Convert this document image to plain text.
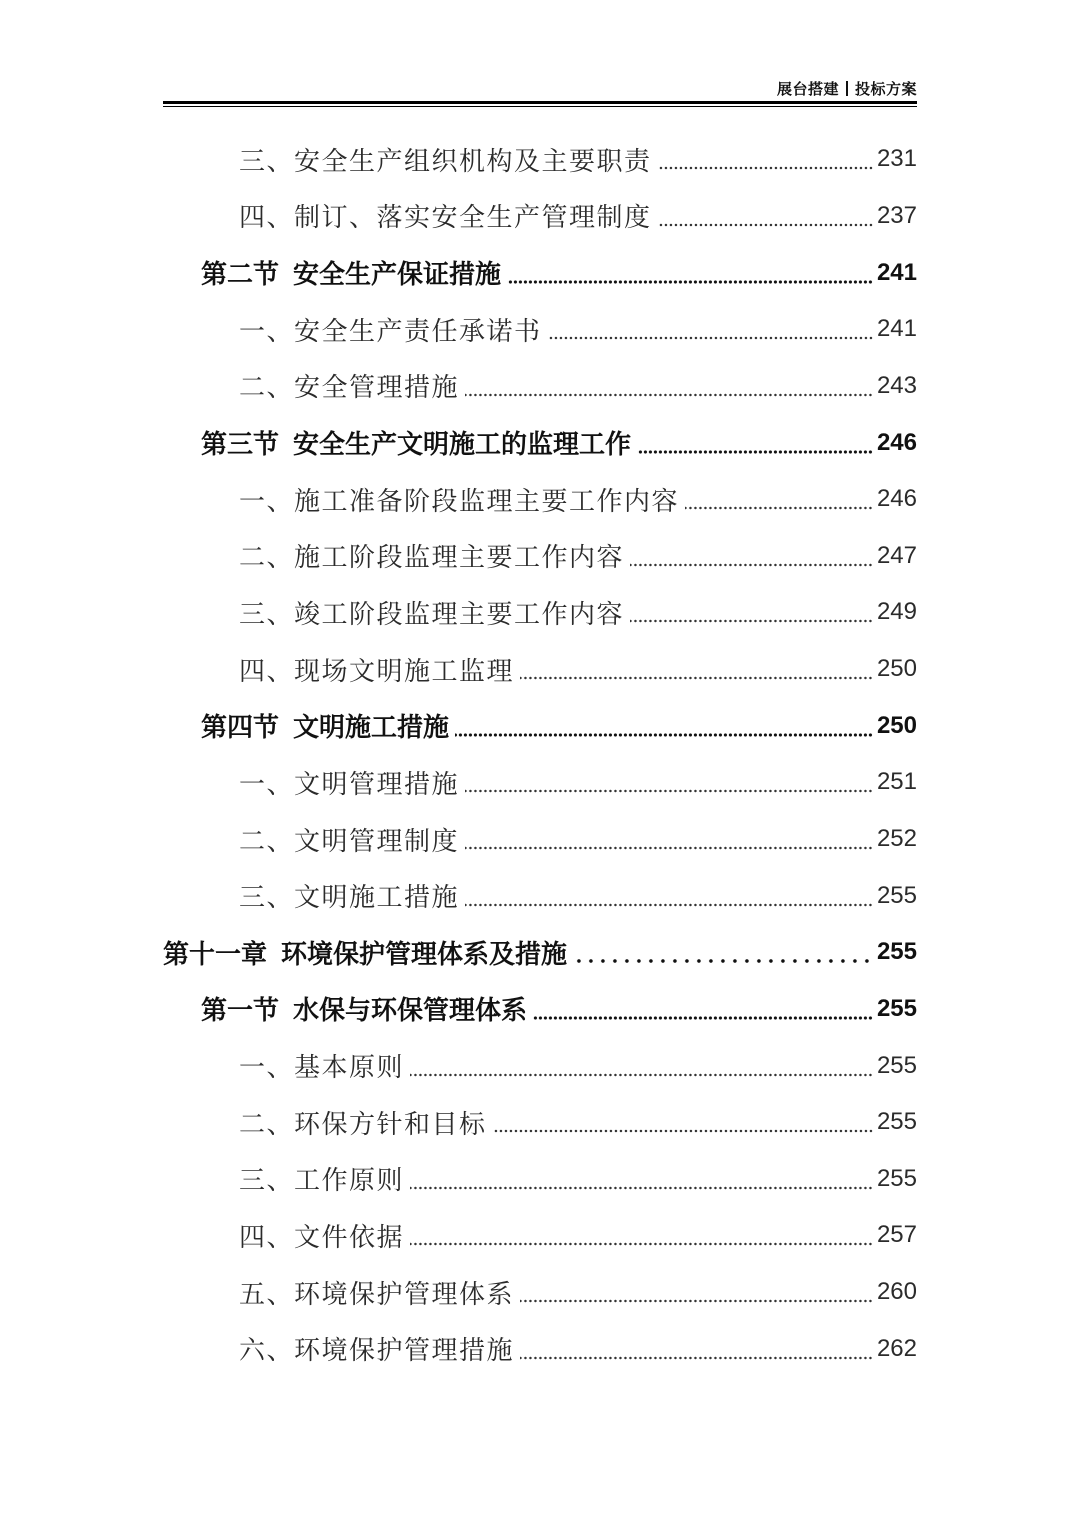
展台搭建 投标方案
三、安全生产组织机构及主要职责	231
四、制订、落实安全生产管理制度	237
第二节 安全生产保证措施	241
一、安全生产责任承诺书	241
二、安全管理措施	243
第三节 安全生产文明施工的监理工作	246
一、施工准备阶段监理主要工作内容	246
二、施工阶段监理主要工作内容	247
三、竣工阶段监理主要工作内容	249
四、现场文明施工监理	250
第四节 文明施工措施	250
一、文明管理措施	251
二、文明管理制度	252
三、文明施工措施	255
第十一章 环境保护管理体系及措施	255
第一节 水保与环保管理体系	255
一、基本原则	255
二、环保方针和目标	255
三、工作原则	255
四、文件依据	257
五、环境保护管理体系	260
六、环境保护管理措施	262
